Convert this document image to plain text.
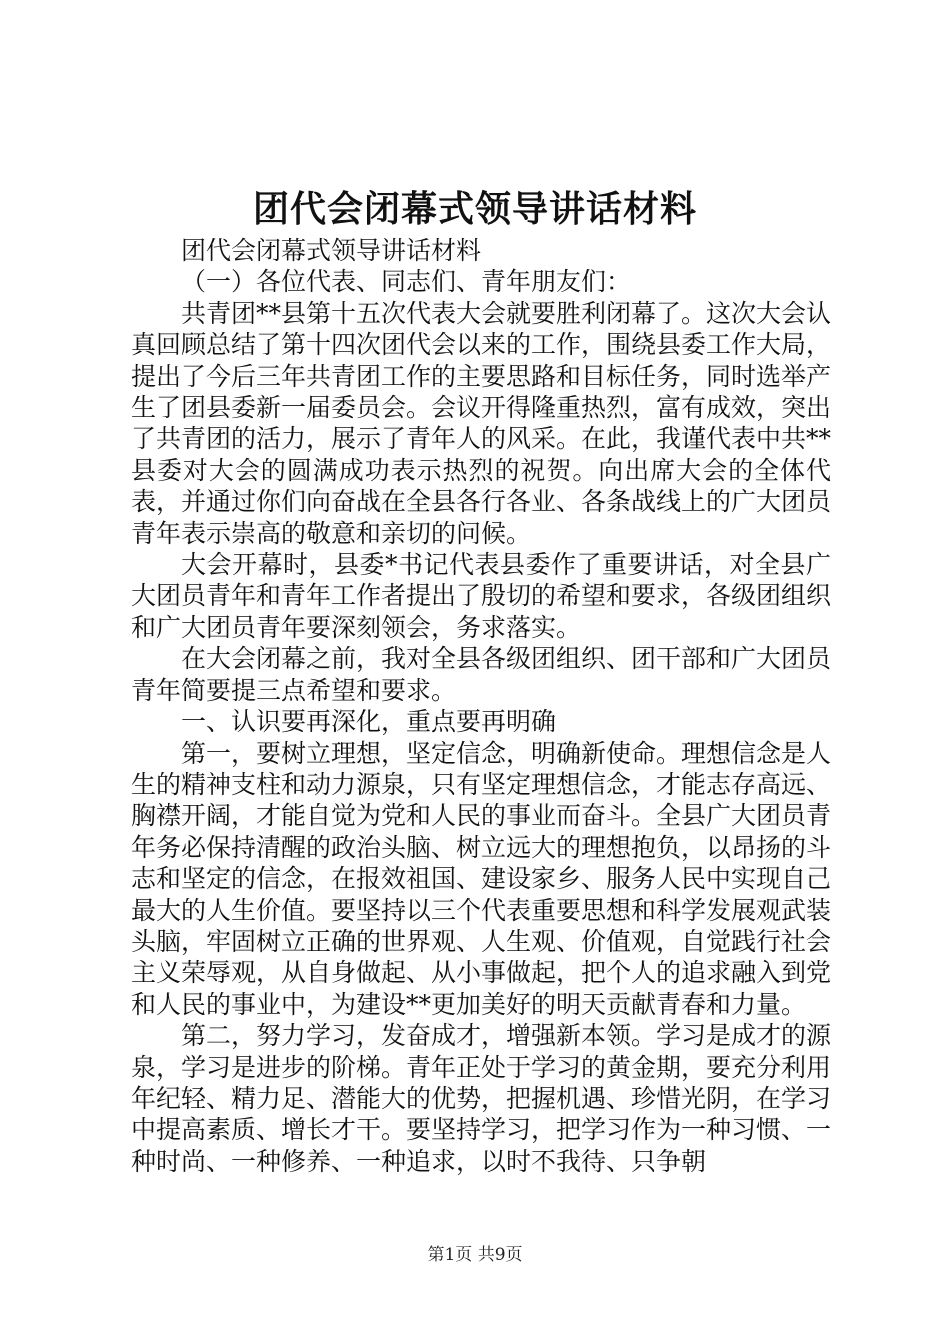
团代会闭幕式领导讲话材料

团代会闭幕式领导讲话材料

（一）各位代表、同志们、青年朋友们：

共青团**县第十五次代表大会就要胜利闭幕了。这次大会认真回顾总结了第十四次团代会以来的工作，围绕县委工作大局，提出了今后三年共青团工作的主要思路和目标任务，同时选举产生了团县委新一届委员会。会议开得隆重热烈，富有成效，突出了共青团的活力，展示了青年人的风采。在此，我谨代表中共**县委对大会的圆满成功表示热烈的祝贺。向出席大会的全体代表，并通过你们向奋战在全县各行各业、各条战线上的广大团员青年表示崇高的敬意和亲切的问候。

大会开幕时，县委*书记代表县委作了重要讲话，对全县广大团员青年和青年工作者提出了殷切的希望和要求，各级团组织和广大团员青年要深刻领会，务求落实。

在大会闭幕之前，我对全县各级团组织、团干部和广大团员青年简要提三点希望和要求。

一、认识要再深化，重点要再明确

第一，要树立理想，坚定信念，明确新使命。理想信念是人生的精神支柱和动力源泉，只有坚定理想信念，才能志存高远、胸襟开阔，才能自觉为党和人民的事业而奋斗。全县广大团员青年务必保持清醒的政治头脑、树立远大的理想抱负，以昂扬的斗志和坚定的信念，在报效祖国、建设家乡、服务人民中实现自己最大的人生价值。要坚持以三个代表重要思想和科学发展观武装头脑，牢固树立正确的世界观、人生观、价值观，自觉践行社会主义荣辱观，从自身做起、从小事做起，把个人的追求融入到党和人民的事业中，为建设**更加美好的明天贡献青春和力量。

第二，努力学习，发奋成才，增强新本领。学习是成才的源泉，学习是进步的阶梯。青年正处于学习的黄金期，要充分利用年纪轻、精力足、潜能大的优势，把握机遇、珍惜光阴，在学习中提高素质、增长才干。要坚持学习，把学习作为一种习惯、一种时尚、一种修养、一种追求，以时不我待、只争朝

第1页 共9页
